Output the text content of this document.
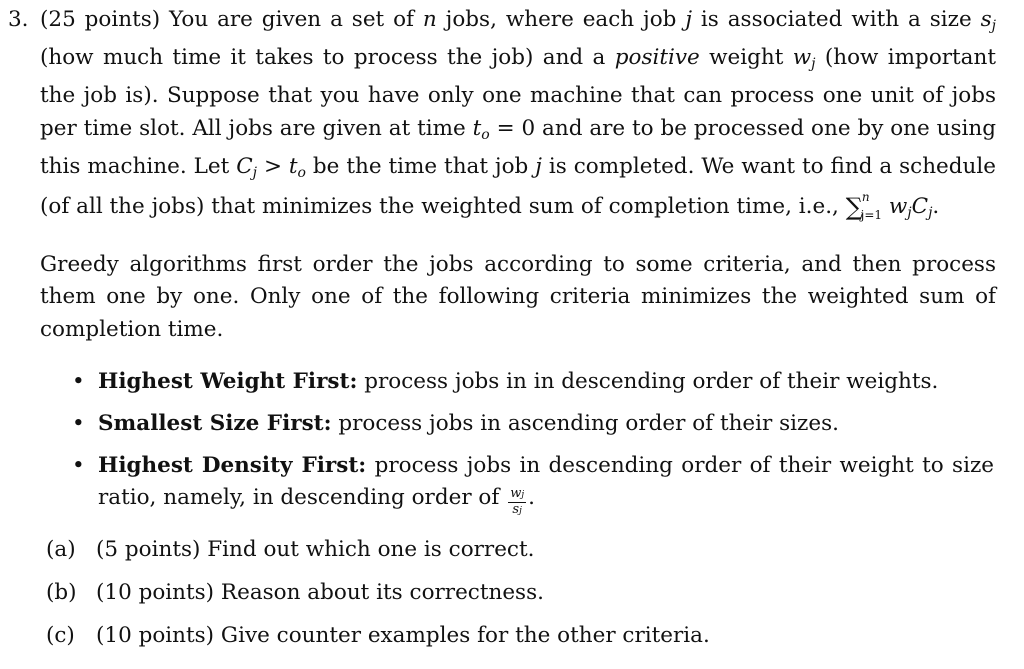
3. (25 points) You are given a set of n jobs, where each job j is associated with a size $s_j$ (how much time it takes to process the job) and a positive weight $w_j$ (how important the job is). Suppose that you have only one machine that can process one unit of jobs per time slot. All jobs are given at time $t_o = 0$ and are to be processed one by one using this machine. Let $C_j > t_o$ be the time that job j is completed. We want to find a schedule (of all the jobs) that minimizes the weighted sum of completion time, i.e., ∑$^n_{j=1}$ $w_jC_j$.

Greedy algorithms first order the jobs according to some criteria, and then process them one by one. Only one of the following criteria minimizes the weighted sum of completion time.

• Highest Weight First: process jobs in in descending order of their weights.
• Smallest Size First: process jobs in ascending order of their sizes.
• Highest Density First: process jobs in descending order of their weight to size ratio, namely, in descending order of $\frac{wj}{sj}$ .
(a) (5 points) Find out which one is correct.
(b) (10 points) Reason about its correctness.
(c) (10 points) Give counter examples for the other criteria.
